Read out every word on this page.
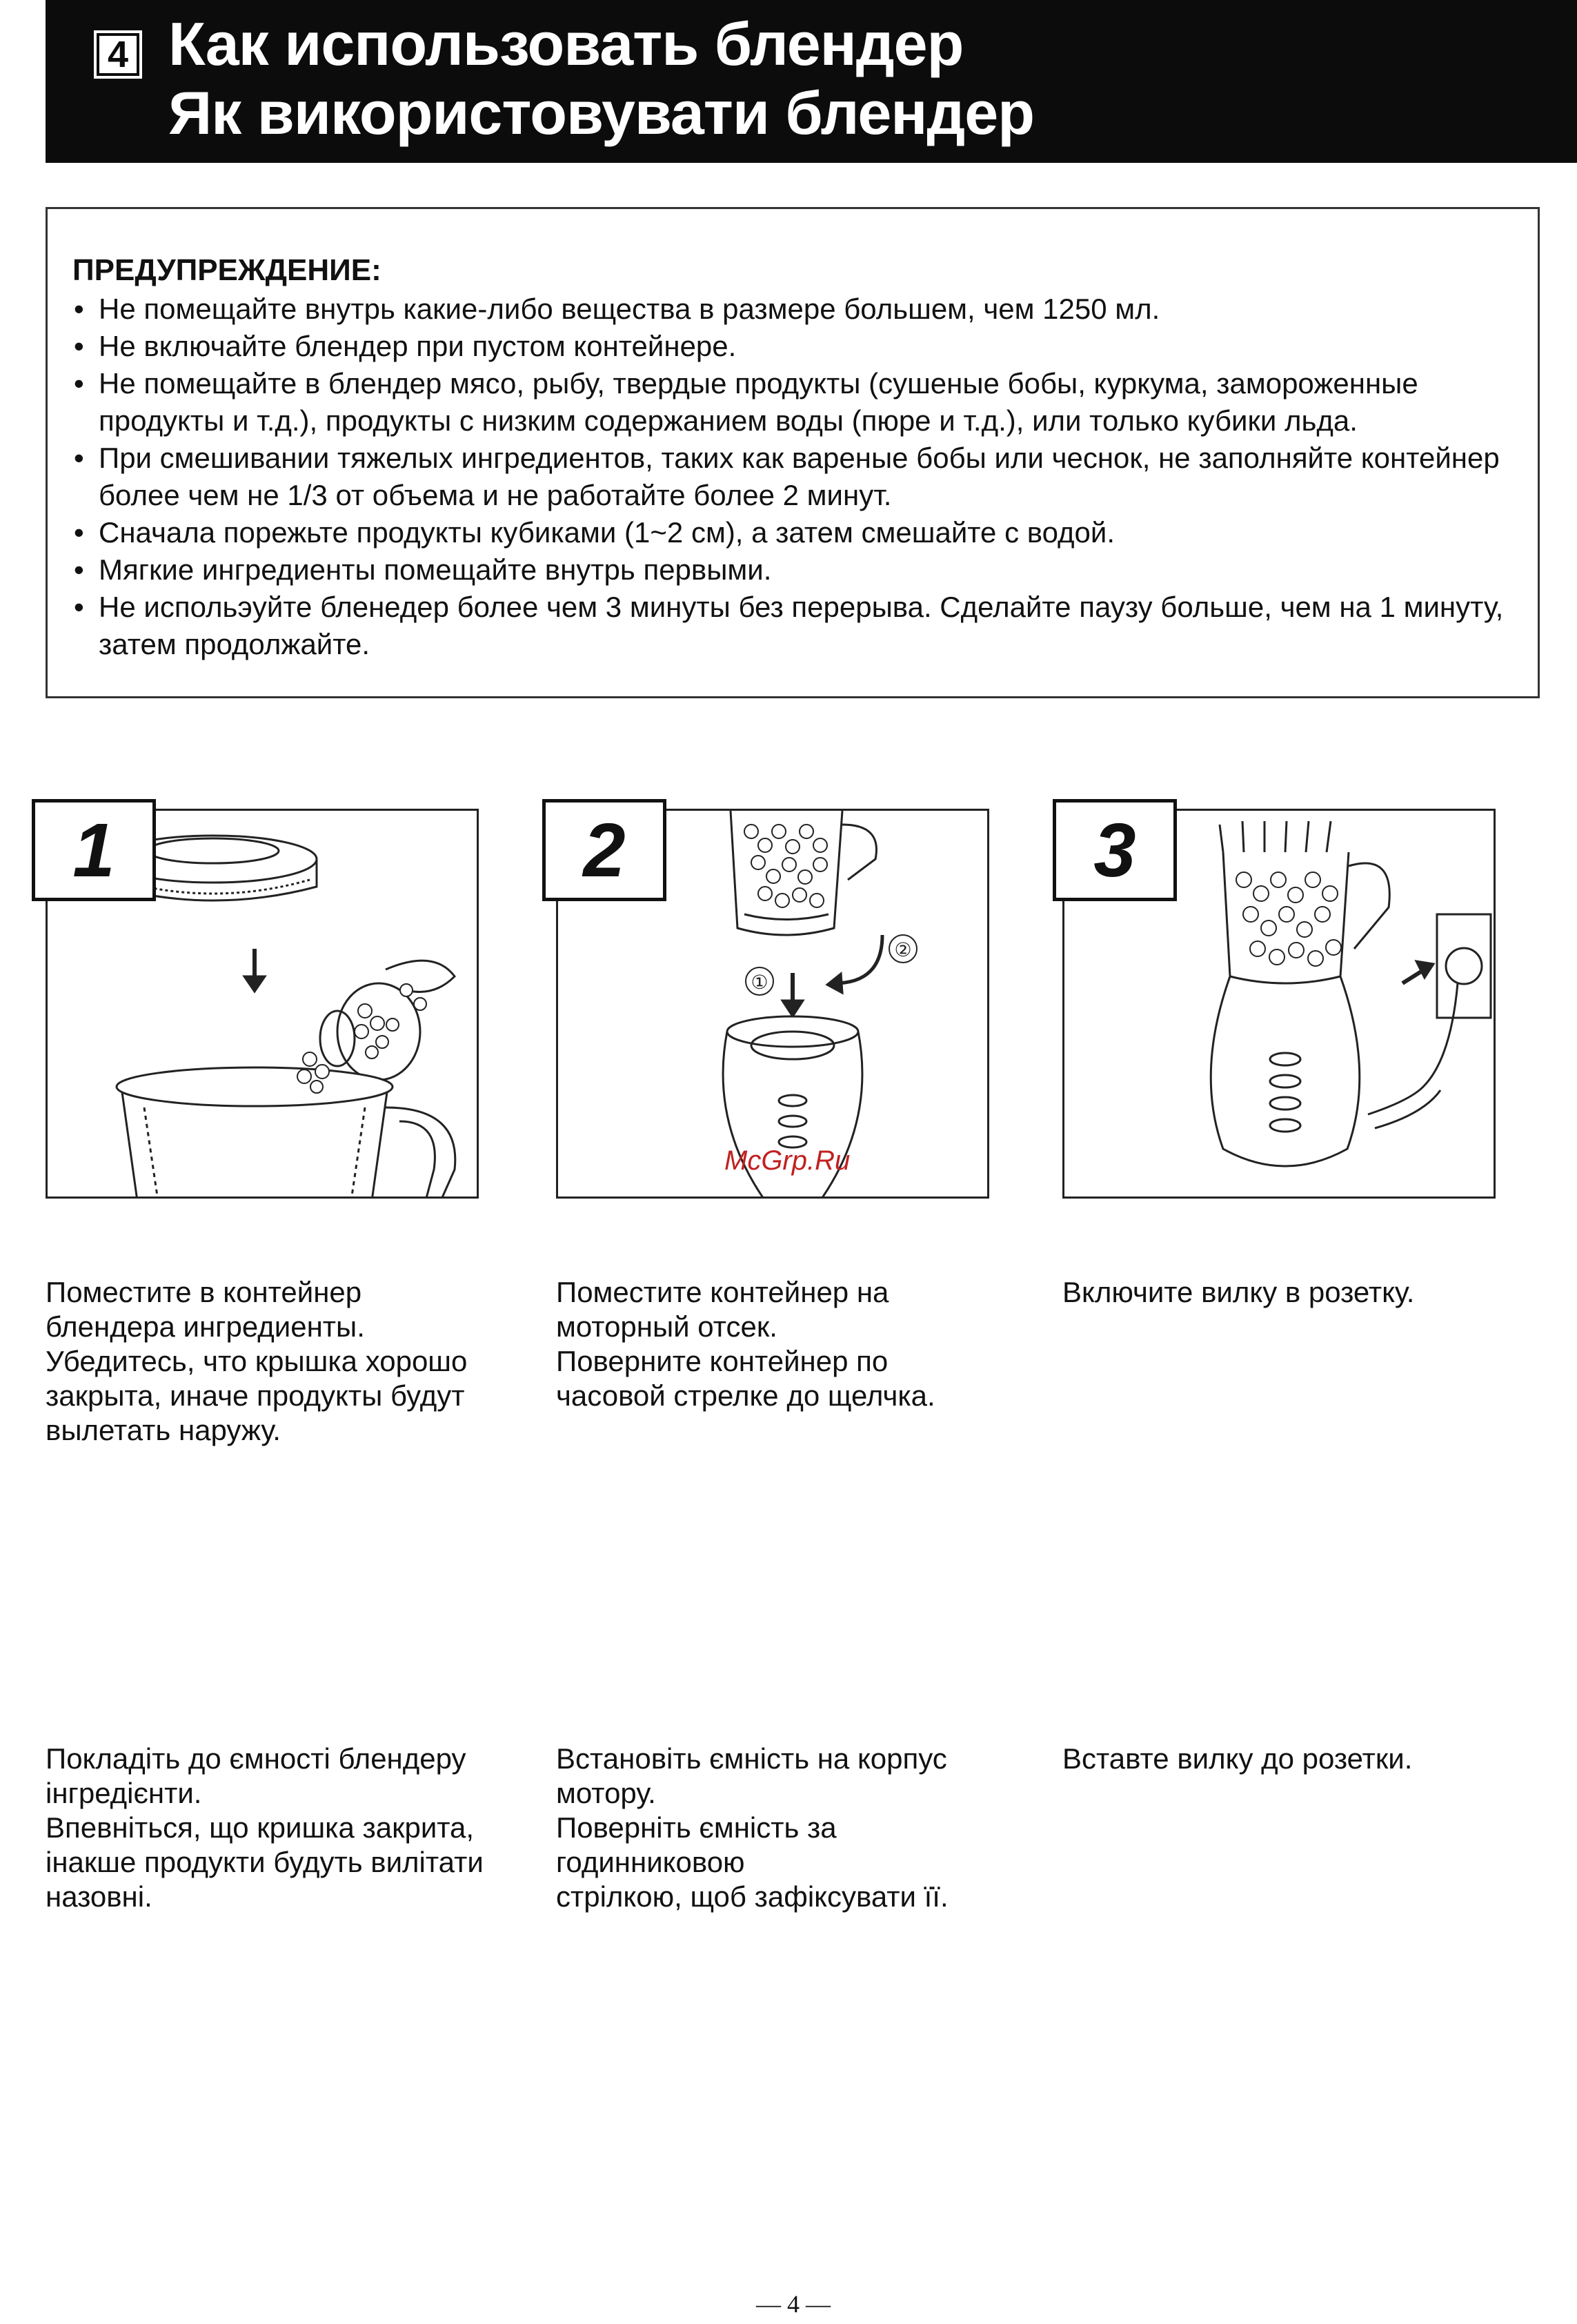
4 Как использовать блендер
Як використовувати блендер
ПРЕДУПРЕЖДЕНИЕ:
• Не помещайте внутрь какие-либо вещества в размере большем, чем 1250 мл.
• Не включайте блендер при пустом контейнере.
• Не помещайте в блендер мясо, рыбу, твердые продукты (сушеные бобы, куркума, замороженные продукты и т.д.), продукты с низким содержанием воды (пюре и т.д.), или только кубики льда.
• При смешивании тяжелых ингредиентов, таких как вареные бобы или чеснок, не заполняйте контейнер более чем не 1/3 от объема и не работайте более 2 минут.
• Сначала порежьте продукты кубиками (1~2 см), а затем смешайте с водой.
• Мягкие ингредиенты помещайте внутрь первыми.
• Не испольэуйте бленедер более чем 3 минуты без перерыва. Сделайте паузу больше, чем на 1 минуту, затем продолжайте.
1	2
①
②
3
McGrp.Ru

Поместите в контейнер
блендера ингредиенты.
Убедитесь, что крышка хорошо
закрыта, иначе продукты будут
вылетать наружу.

Поместите контейнер на
моторный отсек.
Поверните контейнер по
часовой стрелке до щелчка.

Включите вилку в розетку.

Покладіть до ємності блендеру
інгредієнти.
Впевніться, що кришка закрита,
інакше продукти будуть вилітати
назовні.

Встановіть ємність на корпус
мотору.
Поверніть ємність за годинниковою
стрілкою, щоб зафіксувати її.

Вставте вилку до розетки.

— 4 —
